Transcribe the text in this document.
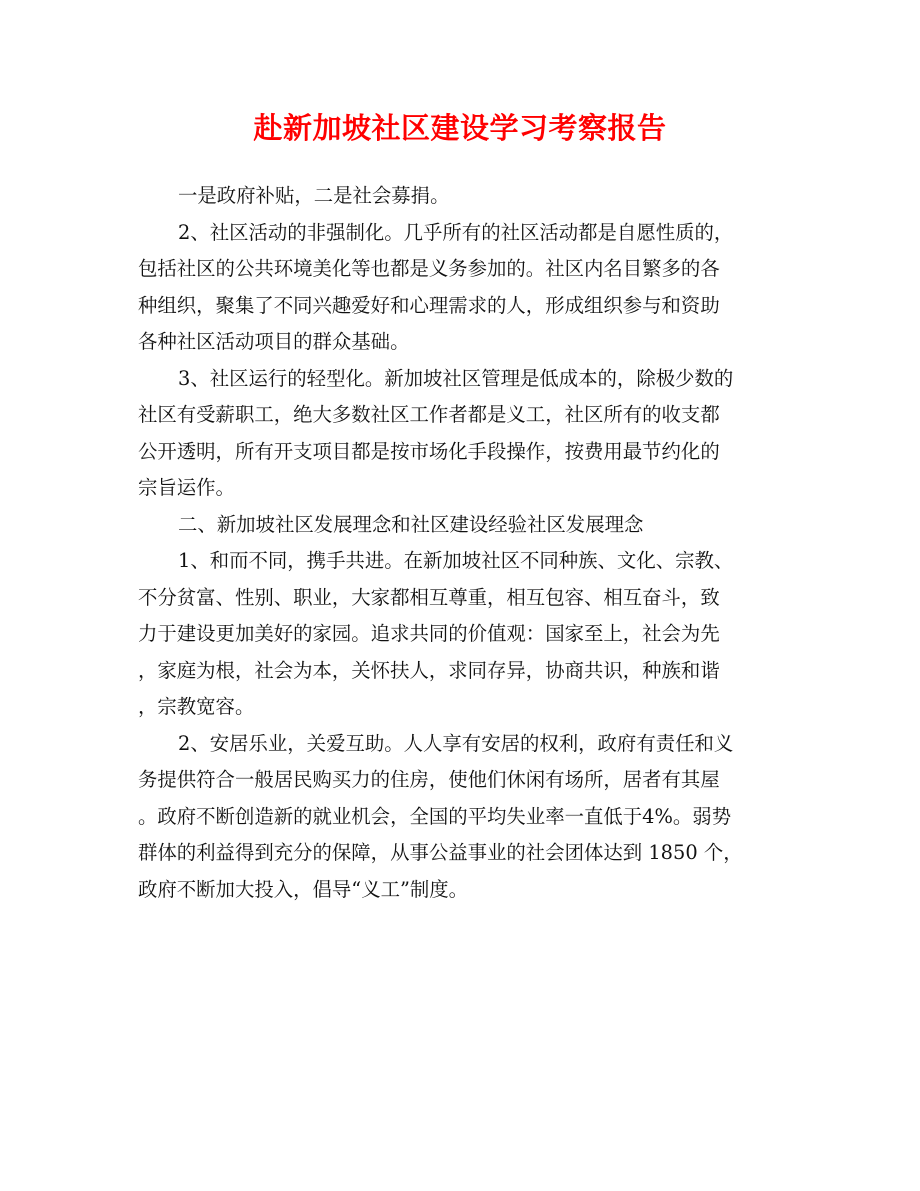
赴新加坡社区建设学习考察报告

一是政府补贴，二是社会募捐。

2、社区活动的非强制化。几乎所有的社区活动都是自愿性质的，

包括社区的公共环境美化等也都是义务参加的。社区内名目繁多的各

种组织，聚集了不同兴趣爱好和心理需求的人，形成组织参与和资助

各种社区活动项目的群众基础。

3、社区运行的轻型化。新加坡社区管理是低成本的，除极少数的

社区有受薪职工，绝大多数社区工作者都是义工，社区所有的收支都

公开透明，所有开支项目都是按市场化手段操作，按费用最节约化的

宗旨运作。

二、新加坡社区发展理念和社区建设经验社区发展理念

1、和而不同，携手共进。在新加坡社区不同种族、文化、宗教、

不分贫富、性别、职业，大家都相互尊重，相互包容、相互奋斗，致

力于建设更加美好的家园。追求共同的价值观：国家至上，社会为先

，家庭为根，社会为本，关怀扶人，求同存异，协商共识，种族和谐

，宗教宽容。

2、安居乐业，关爱互助。人人享有安居的权利，政府有责任和义

务提供符合一般居民购买力的住房，使他们休闲有场所，居者有其屋

。政府不断创造新的就业机会，全国的平均失业率一直低于4%。弱势

群体的利益得到充分的保障，从事公益事业的社会团体达到 1850 个，

政府不断加大投入，倡导“义工”制度。
